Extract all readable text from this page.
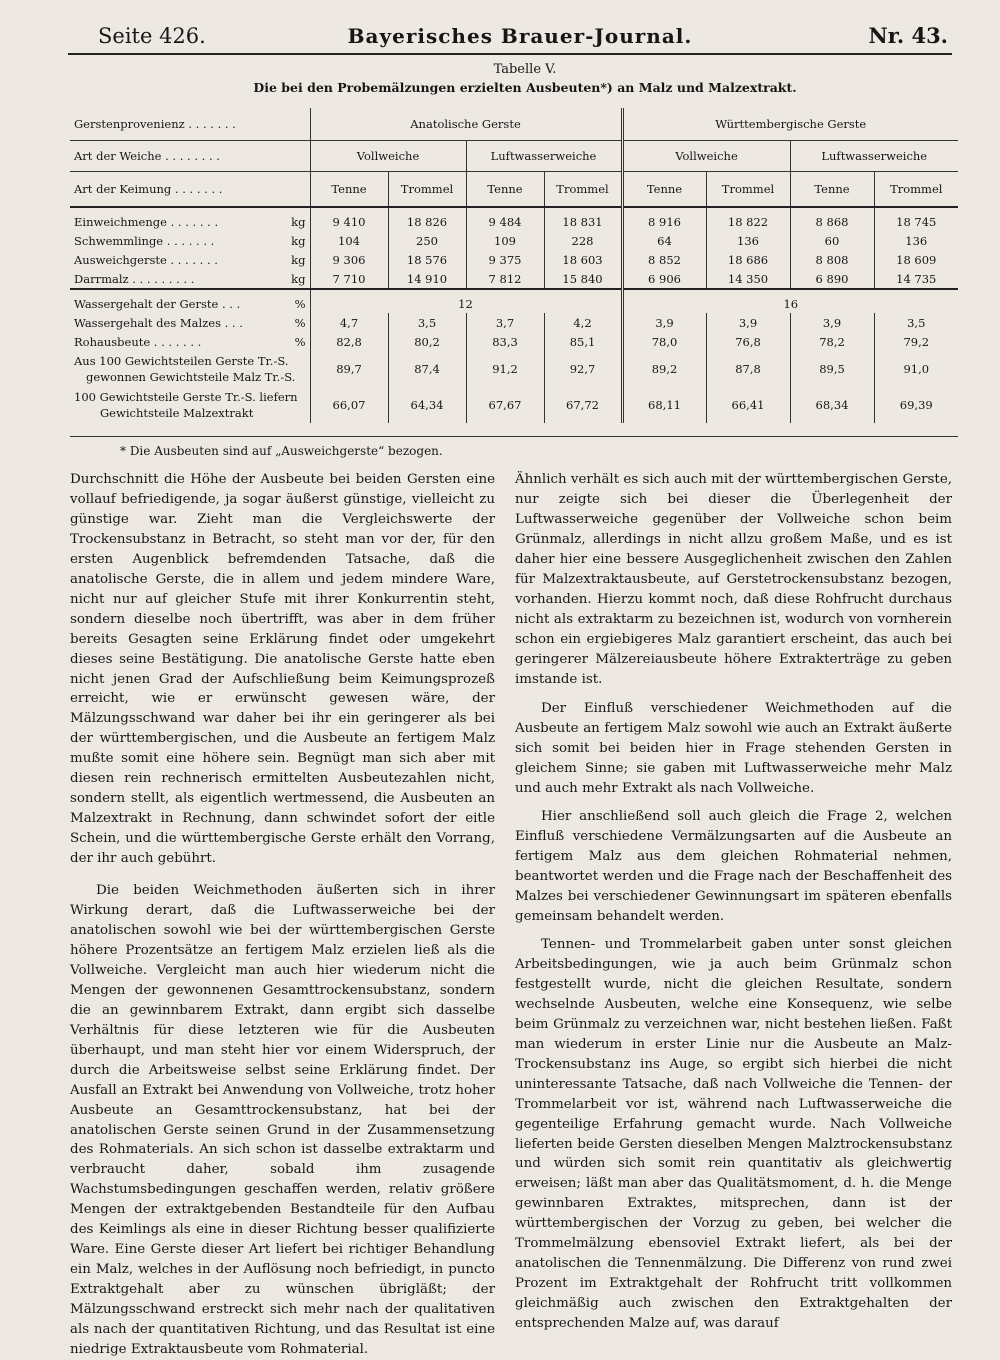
Seite 426.	Bayerisches Brauer-Journal.	Nr. 43.
Tabelle V.
Die bei den Probemälzungen erzielten Ausbeuten*) an Malz und Malzextrakt.
Gerstenprovenienz . . . . . . .	Anatolische Gerste				Württembergische Gerste			
Art der Weiche . . . . . . . .	Vollweiche		Luftwasserweiche		Vollweiche		Luftwasserweiche	
Art der Keimung . . . . . . .	Tenne	Trommel	Tenne	Trommel	Tenne	Trommel	Tenne	Trommel
Einweichmenge . . . . . . . kg	9 410	18 826	9 484	18 831	8 916	18 822	8 868	18 745
Schwemmlinge . . . . . . . kg	104	250	109	228	64	136	60	136
Ausweichgerste . . . . . . . kg	9 306	18 576	9 375	18 603	8 852	18 686	8 808	18 609
Darrmalz . . . . . . . . . kg	7 710	14 910	7 812	15 840	6 906	14 350	6 890	14 735
Wassergehalt der Gerste . . . %	12				16			
Wassergehalt des Malzes . . . %	4,7	3,5	3,7	4,2	3,9	3,9	3,9	3,5
Rohausbeute . . . . . . . %	82,8	80,2	83,3	85,1	78,0	76,8	78,2	79,2

Aus 100 Gewichtsteilen Gerste Tr.-S.
gewonnen Gewichtsteile Malz Tr.-S.	89,7	87,4	91,2	92,7	89,2	87,8	89,5	91,0

100 Gewichtsteile Gerste Tr.-S. liefern
Gewichtsteile Malzextrakt	66,07	64,34	67,67	67,72	68,11	66,41	68,34	69,39
* Die Ausbeuten sind auf „Ausweichgerste“ bezogen.

Durchschnitt die Höhe der Ausbeute bei beiden Gersten eine vollauf befriedigende, ja sogar äußerst günstige, vielleicht zu günstige war. Zieht man die Vergleichswerte der Trockensubstanz in Betracht, so steht man vor der, für den ersten Augenblick befremdenden Tatsache, daß die anatolische Gerste, die in allem und jedem mindere Ware, nicht nur auf gleicher Stufe mit ihrer Konkurrentin steht, sondern dieselbe noch übertrifft, was aber in dem früher bereits Gesagten seine Erklärung findet oder umgekehrt dieses seine Bestätigung. Die anatolische Gerste hatte eben nicht jenen Grad der Aufschließung beim Keimungsprozeß erreicht, wie er erwünscht gewesen wäre, der Mälzungsschwand war daher bei ihr ein geringerer als bei der württembergischen, und die Ausbeute an fertigem Malz mußte somit eine höhere sein. Begnügt man sich aber mit diesen rein rechnerisch ermittelten Ausbeutezahlen nicht, sondern stellt, als eigentlich wertmessend, die Ausbeuten an Malzextrakt in Rechnung, dann schwindet sofort der eitle Schein, und die württembergische Gerste erhält den Vorrang, der ihr auch gebührt.

Die beiden Weichmethoden äußerten sich in ihrer Wirkung derart, daß die Luftwasserweiche bei der anatolischen sowohl wie bei der württembergischen Gerste höhere Prozentsätze an fertigem Malz erzielen ließ als die Vollweiche. Vergleicht man auch hier wiederum nicht die Mengen der gewonnenen Gesamttrockensubstanz, sondern die an gewinnbarem Extrakt, dann ergibt sich dasselbe Verhältnis für diese letzteren wie für die Ausbeuten überhaupt, und man steht hier vor einem Widerspruch, der durch die Arbeitsweise selbst seine Erklärung findet. Der Ausfall an Extrakt bei Anwendung von Vollweiche, trotz hoher Ausbeute an Gesamttrockensubstanz, hat bei der anatolischen Gerste seinen Grund in der Zusammensetzung des Rohmaterials. An sich schon ist dasselbe extraktarm und verbraucht daher, sobald ihm zusagende Wachstumsbedingungen geschaffen werden, relativ größere Mengen der extraktgebenden Bestandteile für den Aufbau des Keimlings als eine in dieser Richtung besser qualifizierte Ware. Eine Gerste dieser Art liefert bei richtiger Behandlung ein Malz, welches in der Auflösung noch befriedigt, in puncto Extraktgehalt aber zu wünschen übrigläßt; der Mälzungsschwand erstreckt sich mehr nach der qualitativen als nach der quantitativen Richtung, und das Resultat ist eine niedrige Extraktausbeute vom Rohmaterial.

Ähnlich verhält es sich auch mit der württembergischen Gerste, nur zeigte sich bei dieser die Überlegenheit der Luftwasserweiche gegenüber der Vollweiche schon beim Grünmalz, allerdings in nicht allzu großem Maße, und es ist daher hier eine bessere Ausgeglichenheit zwischen den Zahlen für Malzextraktausbeute, auf Gerstetrockensubstanz bezogen, vorhanden. Hierzu kommt noch, daß diese Rohfrucht durchaus nicht als extraktarm zu bezeichnen ist, wodurch von vornherein schon ein ergiebigeres Malz garantiert erscheint, das auch bei geringerer Mälzereiausbeute höhere Extrakterträge zu geben imstande ist.

Der Einfluß verschiedener Weichmethoden auf die Ausbeute an fertigem Malz sowohl wie auch an Extrakt äußerte sich somit bei beiden hier in Frage stehenden Gersten in gleichem Sinne; sie gaben mit Luftwasserweiche mehr Malz und auch mehr Extrakt als nach Vollweiche.

Hier anschließend soll auch gleich die Frage 2, welchen Einfluß verschiedene Vermälzungsarten auf die Ausbeute an fertigem Malz aus dem gleichen Rohmaterial nehmen, beantwortet werden und die Frage nach der Beschaffenheit des Malzes bei verschiedener Gewinnungsart im späteren ebenfalls gemeinsam behandelt werden.

Tennen- und Trommelarbeit gaben unter sonst gleichen Arbeitsbedingungen, wie ja auch beim Grünmalz schon festgestellt wurde, nicht die gleichen Resultate, sondern wechselnde Ausbeuten, welche eine Konsequenz, wie selbe beim Grünmalz zu verzeichnen war, nicht bestehen ließen. Faßt man wiederum in erster Linie nur die Ausbeute an Malz-Trockensubstanz ins Auge, so ergibt sich hierbei die nicht uninteressante Tatsache, daß nach Vollweiche die Tennen- der Trommelarbeit vor ist, während nach Luftwasserweiche die gegenteilige Erfahrung gemacht wurde. Nach Vollweiche lieferten beide Gersten dieselben Mengen Malztrockensubstanz und würden sich somit rein quantitativ als gleichwertig erweisen; läßt man aber das Qualitätsmoment, d. h. die Menge gewinnbaren Extraktes, mitsprechen, dann ist der württembergischen der Vorzug zu geben, bei welcher die Trommelmälzung ebensoviel Extrakt liefert, als bei der anatolischen die Tennenmälzung. Die Differenz von rund zwei Prozent im Extraktgehalt der Rohfrucht tritt vollkommen gleichmäßig auch zwischen den Extraktgehalten der entsprechenden Malze auf, was darauf
